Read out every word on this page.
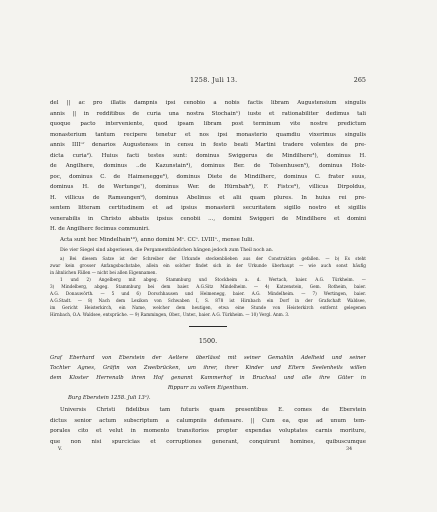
1258. Juli 13.	265

del || ac pro illatis dampnis ipsi cenobio a nobis factis libram Augustensium singulis

annis || in redditibus de curia una nostra Stochain¹) iuste et rationabiliter dedimus tali

quoque pacto interveniente, quod ipsam libram post terminum vite nostre predictum

monasterium tantum recipere tenetur et nos ipsi monasterio quamdiu vixerimus singulis

annis IIIIᵒʳ denarios Augustenses in censu in festo beati Martini tradere volentes de pre-

dicta curia²). Huius facti testes sunt: dominus Swiggerus de Mindilhere³), dominus H.

de Angilhere, dominus ..de Kazunstain⁴), dominus Ber. de Tolsenhusen⁵), dominus Holz-

poc, dominus C. de Haimenegge⁶), dominus Diete de Mindilherc, dominus C. frater suus,

dominus H. de Wertunge⁷), dominus Wer. de Hürnbah⁸), F. Fistce⁹), villicus Dirpoldus,

H. villicus de Ramsungen⁹), dominus Abelinus et alii quam plures. In huius rei pre-

sentem litteram certitudinem et ad ipsius monasterii securitatem sigillo nostro et sigillis

venerabilis in Christo abbatis ipsius cenobii ..., domini Swiggeri de Mindilhere et domini

H. de Angilherc fecimus communiri.

Acta sunt hec Mindelhain¹⁰), anno domini Mᵒ. CCᵒ. LVIIIᵒ., mense Iulii.

Die vier Siegel sind abgerissen, die Pergamentbändchen hängen jedoch zum Theil noch an.

a) Bei diesem Satze ist der Schreiber der Urkunde steckenblieben aus der Construktion gefallen. — b) Es steht

zwar kein grosser Anfangsbuchstabe, allein ein solcher findet sich in der Urkunde überhaupt — wie auch sonst häufig

in ähnlichen Fällen — nicht bei allen Eigennamen.

1 und 2) Angelberg mit abgeg. Stammburg und Stockheim a. d. Wertach, baier. A.G. Türkheim. —

3) Mindelberg, abgeg. Stammburg bei dem baier. A.G.Sitz Mindelheim. — 4) Katzenstein, Gem. Rotheim, baier.

A.G. Donauwörth. — 5 und 6) Dorschhausen und Heimenegg, baier. A.G. Mindelheim. — 7) Wertingen, baier.

A.G.Stadt. — 8) Nach dem Lexikon von Schwaben I, S. 878 ist Hirnbach ein Dorf in der Grafschaft Waldsee,

im Gericht Heisterkirch, ein Name, welcher dem heutigen, etwa eine Stunde von Heisterkirch entfernt gelegenen

Hirnbach, O.A. Waldsee, entspräche. — 9) Rammingen, Ober., Unter., baier. A.G. Türkheim. — 10) Vergl. Anm. 3.

1500.

Graf Eberhard von Eberstein der Aeltere überlässt mit seiner Gemahlin Adelheid und seiner

Tochter Agnes, Gräfin von Zweibrücken, um ihrer, ihrer Kinder und Eltern Seelenheils willen

dem Kloster Herrenalb ihren Hof genannt Kammerhof in Bruchsal und alle ihre Güter in

Rippurr zu vollem Eigenthum.

Burg Eberstein 1258. Juli 13ᵃ).

Universis Christi fidelibus tam futuris quam presentibus E. comes de Eberstein

dictus senior actum subscriptum a calumpniis defensare. || Cum ea, que ad unum tem-

porales cito et velut in momento transitorios propter expendas voluptates carnis moriture,

que non nisi spurcicias et corruptiones generant, conquirunt homines, quibuscumque

V.	34
